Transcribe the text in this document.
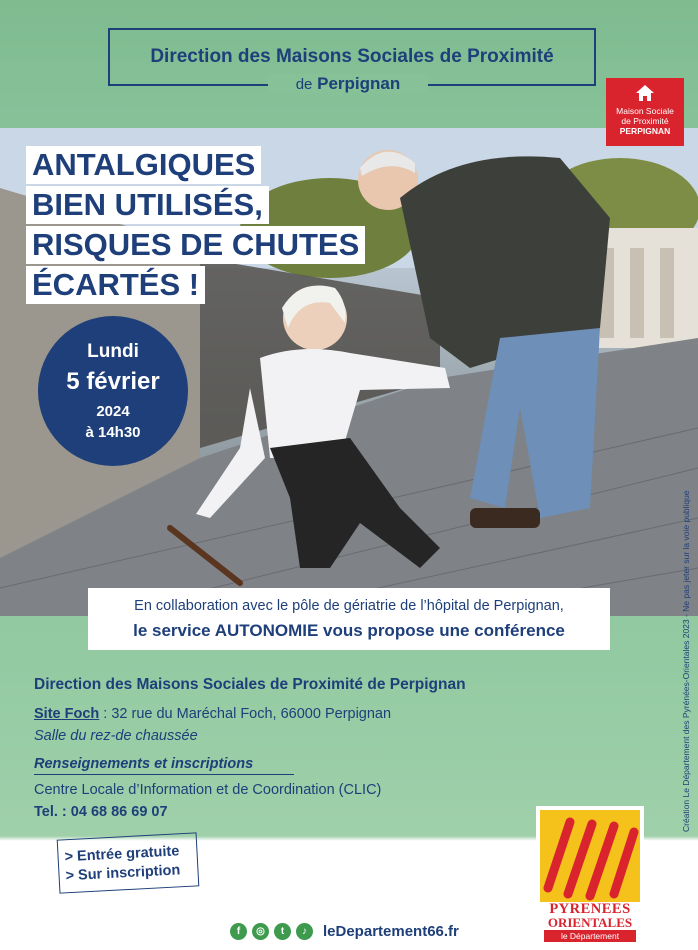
Direction des Maisons Sociales de Proximité
de Perpignan
Maison Sociale
de Proximité

PERPIGNAN
ANTALGIQUES
BIEN UTILISÉS,
RISQUES DE CHUTES
ÉCARTÉS !
Lundi
5 février
2024
à 14h30
En collaboration avec le pôle de gériatrie de l’hôpital de Perpignan,
le service AUTONOMIE vous propose une conférence
Direction des Maisons Sociales de Proximité de Perpignan
Site Foch : 32 rue du Maréchal Foch, 66000 Perpignan
Salle du rez-de chaussée
Renseignements et inscriptions
Centre Locale d’Information et de Coordination (CLIC)
Tel. : 04 68 86 69 07
> Entrée gratuite
> Sur inscription
PYRENEES
ORIENTALES
le Département
Création Le Département des Pyrénées-Orientales 2023 - Ne pas jeter sur la voie publique
f	◎	t	♪	leDepartement66.fr
